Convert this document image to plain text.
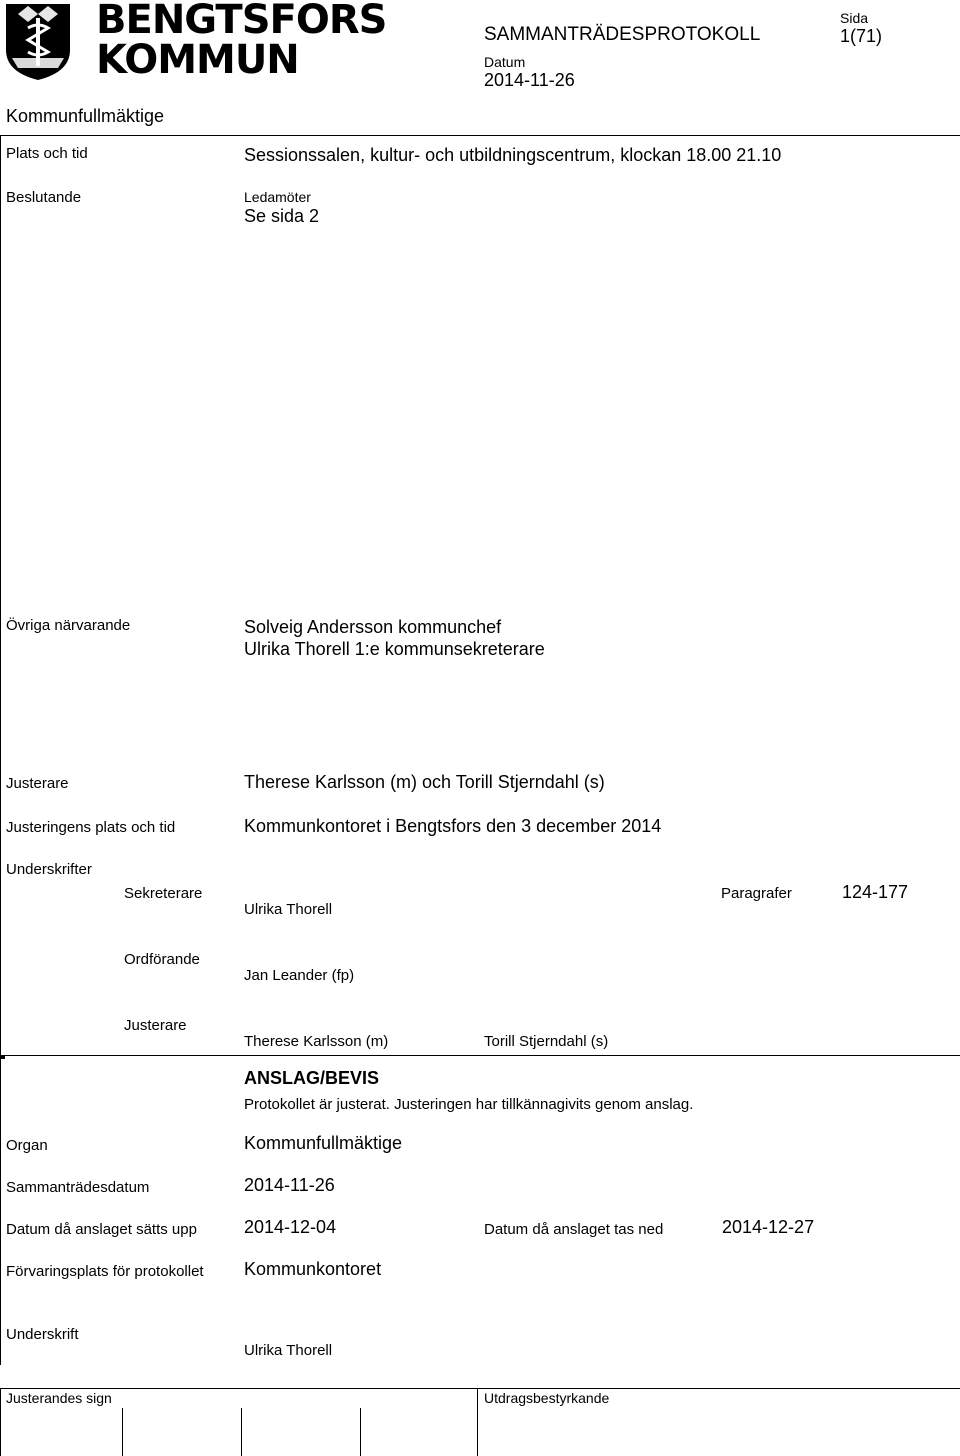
BENGTSFORS
KOMMUN
SAMMANTRÄDESPROTOKOLL
Datum
2014-11-26
Sida
1(71)
Kommunfullmäktige
Plats och tid	Sessionssalen, kultur- och utbildningscentrum, klockan 18.00 21.10
Beslutande	Ledamöter
Se sida 2
Övriga närvarande	Solveig Andersson kommunchef
Ulrika Thorell 1:e kommunsekreterare
Justerare	Therese Karlsson (m) och Torill Stjerndahl (s)
Justeringens plats och tid	Kommunkontoret i Bengtsfors den 3 december 2014
Underskrifter
Sekreterare
Ulrika Thorell
Paragrafer	124-177
Ordförande
Jan Leander (fp)
Justerare
Therese Karlsson (m)	Torill Stjerndahl (s)
ANSLAG/BEVIS
Protokollet är justerat. Justeringen har tillkännagivits genom anslag.
Organ	Kommunfullmäktige
Sammanträdesdatum	2014-11-26
Datum då anslaget sätts upp	2014-12-04	Datum då anslaget tas ned	2014-12-27
Förvaringsplats för protokollet Kommunkontoret
Underskrift
Ulrika Thorell
Justerandes sign	Utdragsbestyrkande
